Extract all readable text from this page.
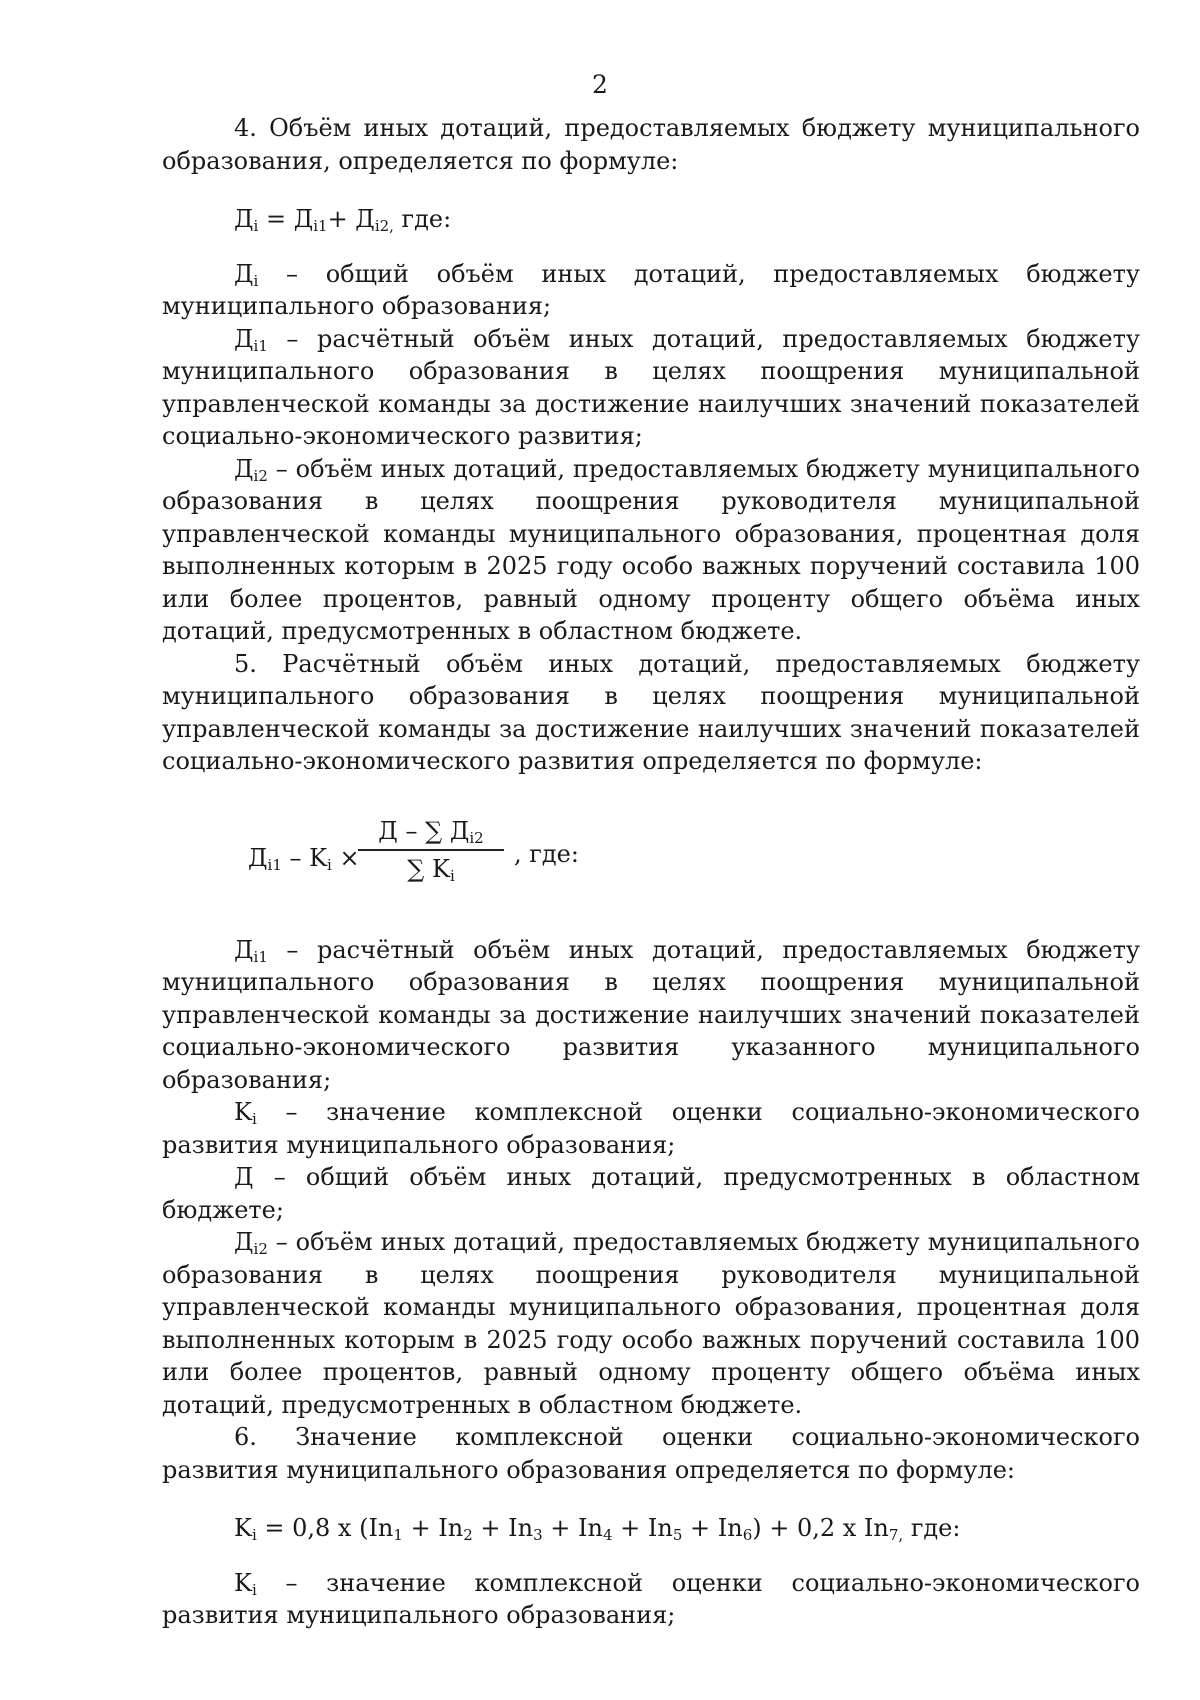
2

4. Объём иных дотаций, предоставляемых бюджету муниципального образования, определяется по формуле:

$Д_i = Д_{i1}+ Д_{i2,}$ где:

$Д_i$ – общий объём иных дотаций, предоставляемых бюджету муниципального образования;

$Д_{i1}$ – расчётный объём иных дотаций, предоставляемых бюджету муниципального образования в целях поощрения муниципальной управленческой команды за достижение наилучших значений показателей социально-экономического развития;

$Д_{i2}$ – объём иных дотаций, предоставляемых бюджету муниципального образования в целях поощрения руководителя муниципальной управленческой команды муниципального образования, процентная доля выполненных которым в 2025 году особо важных поручений составила 100 или более процентов, равный одному проценту общего объёма иных дотаций, предусмотренных в областном бюджете.

5. Расчётный объём иных дотаций, предоставляемых бюджету муниципального образования в целях поощрения муниципальной управленческой команды за достижение наилучших значений показателей социально-экономического развития определяется по формуле:

$Д_{i1} - K_i$ ×
Д – ∑ $Д_{i2}$
∑ $K_i$
, где:

$Д_{i1}$ – расчётный объём иных дотаций, предоставляемых бюджету муниципального образования в целях поощрения муниципальной управленческой команды за достижение наилучших значений показателей социально-экономического развития указанного муниципального образования;

$K_i$ – значение комплексной оценки социально-экономического развития муниципального образования;

Д – общий объём иных дотаций, предусмотренных в областном бюджете;

$Д_{i2}$ – объём иных дотаций, предоставляемых бюджету муниципального образования в целях поощрения руководителя муниципальной управленческой команды муниципального образования, процентная доля выполненных которым в 2025 году особо важных поручений составила 100 или более процентов, равный одному проценту общего объёма иных дотаций, предусмотренных в областном бюджете.

6. Значение комплексной оценки социально-экономического развития муниципального образования определяется по формуле:

$K_i = 0,8$ x $(In_1 + In_2 + In_3 + In_4 + In_5 + In_6) + 0,2$ x $In_{7,}$ где:

$K_i$ – значение комплексной оценки социально-экономического развития муниципального образования;
